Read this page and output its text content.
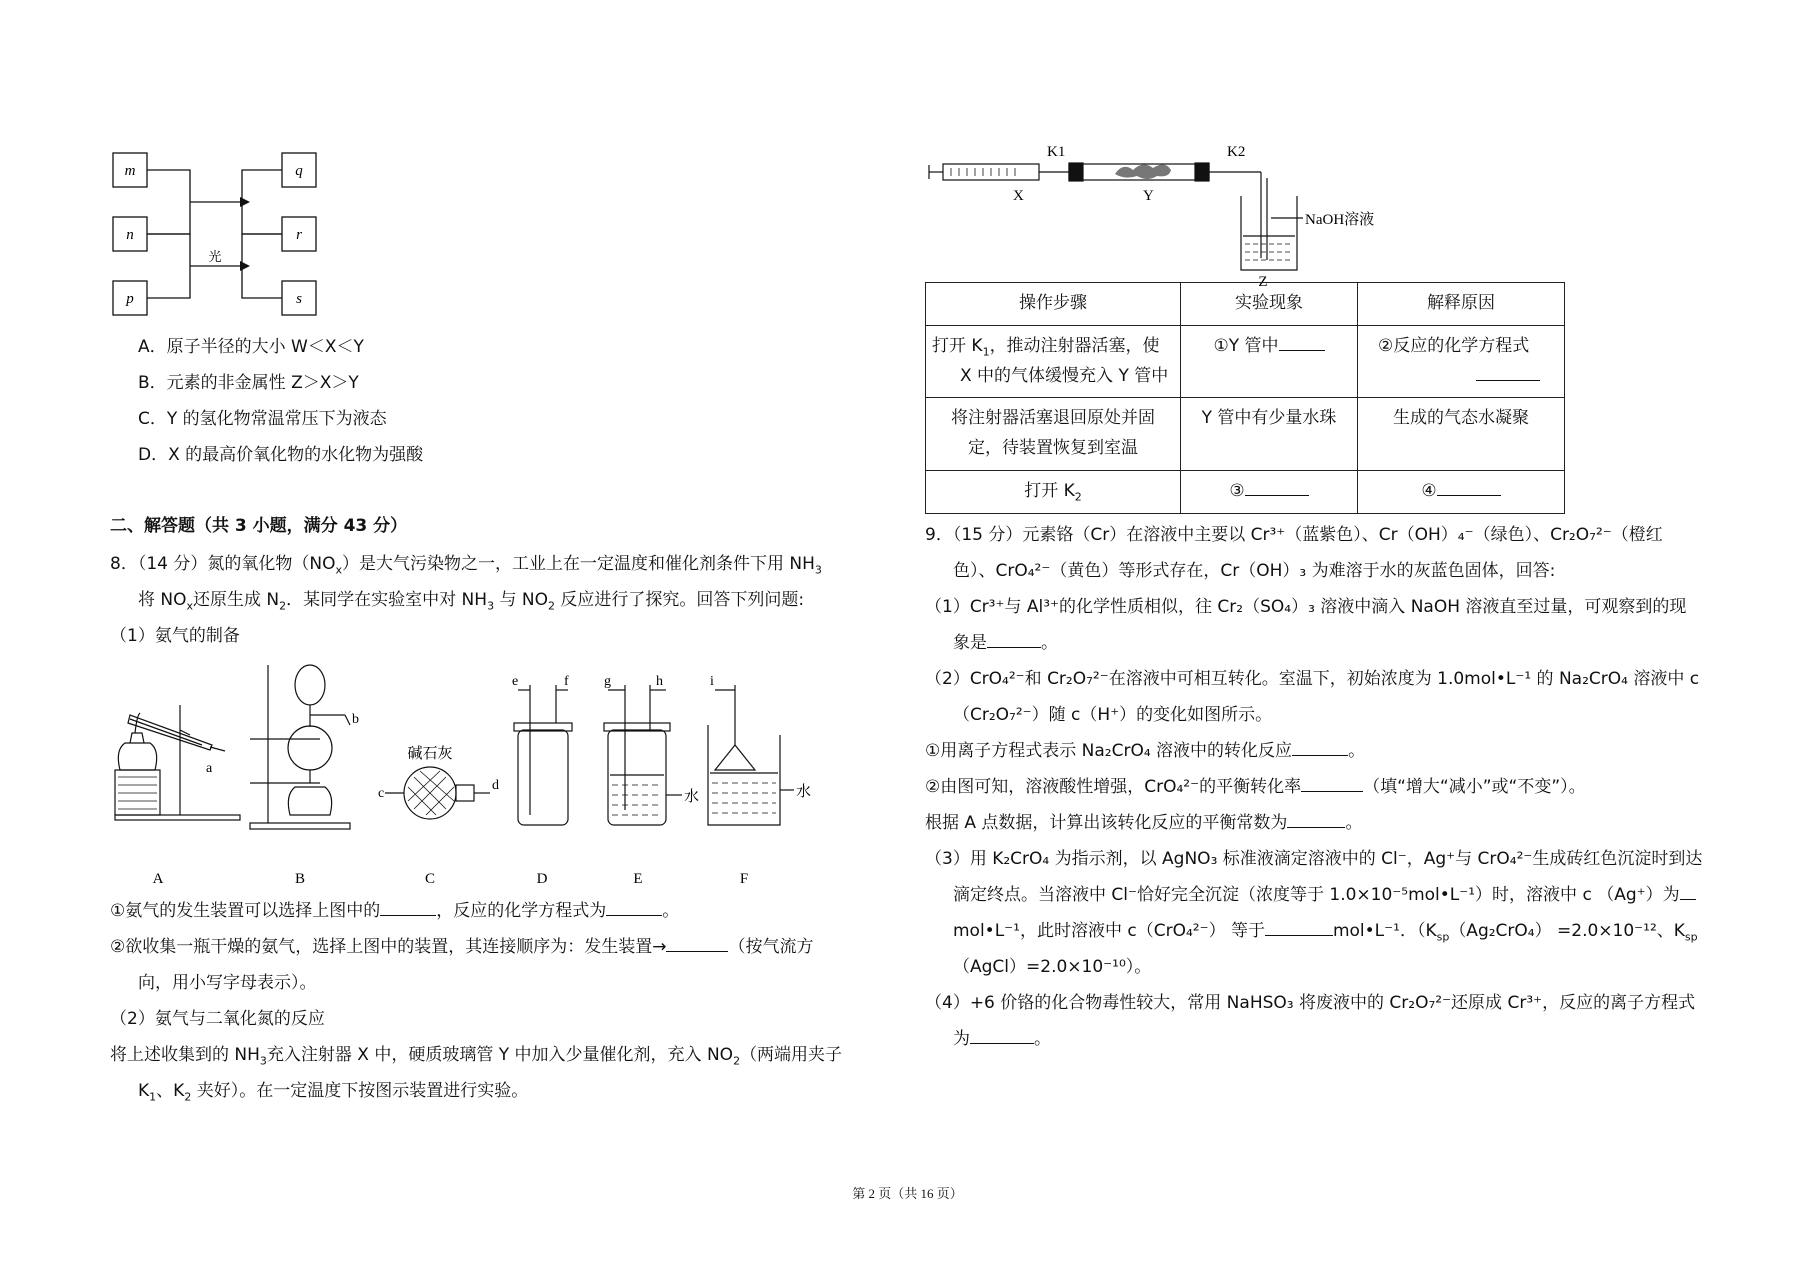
m
n
p
q
r
s
光
A．原子半径的大小 W＜X＜Y
B．元素的非金属性 Z＞X＞Y
C．Y 的氢化物常温常压下为液态
D．X 的最高价氧化物的水化物为强酸
二、解答题（共 3 小题，满分 43 分）
8．（14 分）氮的氧化物$(NO_x)$是大气污染物之一，工业上在一定温度和催化剂条件下用 $NH_3$
将 $NO_x$还原生成 $N_2$．某同学在实验室中对 $NH_3$ 与 $NO_2$ 反应进行了探究。回答下列问题:
（1）氨气的制备
A	B	C	D	E	F
a
b
c
d
e	f	g	h	i
碱石灰
水	水
①氨气的发生装置可以选择上图中的	，反应的化学方程式为	。
②欲收集一瓶干燥的氨气，选择上图中的装置，其连接顺序为：发生装置→	（按气流方
向，用小写字母表示）。
（2）氨气与二氧化氮的反应
将上述收集到的 $NH_3$充入注射器 X 中，硬质玻璃管 Y 中加入少量催化剂，充入 $NO_2$（两端用夹子
$K_1$、$K_2$ 夹好）。在一定温度下按图示装置进行实验。
X	Y
Z
K1	K2
NaOH溶液
操作步骤	实验现象	解释原因

打开 $K_1$，推动注射器活塞，使
X 中的气体缓慢充入 Y 管中	①Y 管中	②反应的化学方程式

将注射器活塞退回原处并固
定，待装置恢复到室温	Y 管中有少量水珠	生成的气态水凝聚
打开 $K_2$	③	④
9．（15 分）元素铬（Cr）在溶液中主要以 Cr³⁺（蓝紫色）、Cr（OH）₄⁻（绿色）、Cr₂O₇²⁻（橙红
色）、CrO₄²⁻（黄色）等形式存在，Cr（OH）₃ 为难溶于水的灰蓝色固体，回答:
（1）Cr³⁺与 Al³⁺的化学性质相似，往 Cr₂（SO₄）₃ 溶液中滴入 NaOH 溶液直至过量，可观察到的现
象是	。
（2）CrO₄²⁻和 Cr₂O₇²⁻在溶液中可相互转化。室温下，初始浓度为 1.0mol•L⁻¹ 的 Na₂CrO₄ 溶液中 c
（Cr₂O₇²⁻）随 c（H⁺）的变化如图所示。
①用离子方程式表示 Na₂CrO₄ 溶液中的转化反应	。
②由图可知，溶液酸性增强，CrO₄²⁻的平衡转化率	（填“增大“减小”或“不变”）。
根据 A 点数据，计算出该转化反应的平衡常数为	。
（3）用 K₂CrO₄ 为指示剂，以 AgNO₃ 标准液滴定溶液中的 Cl⁻，Ag⁺与 CrO₄²⁻生成砖红色沉淀时到达
滴定终点。当溶液中 Cl⁻恰好完全沉淀（浓度等于 1.0×10⁻⁵mol•L⁻¹）时，溶液中 c （Ag⁺）为
mol•L⁻¹，此时溶液中 c（CrO₄²⁻） 等于	mol•L⁻¹．（$K_{sp}(Ag_2CrO_4) =2.0\times 10^{-12}$、$K_{sp}$
（AgCl）=2.0×10⁻¹⁰）。
（4）+6 价铬的化合物毒性较大，常用 NaHSO₃ 将废液中的 Cr₂O₇²⁻还原成 Cr³⁺，反应的离子方程式
为	。
第 2 页（共 16 页）
